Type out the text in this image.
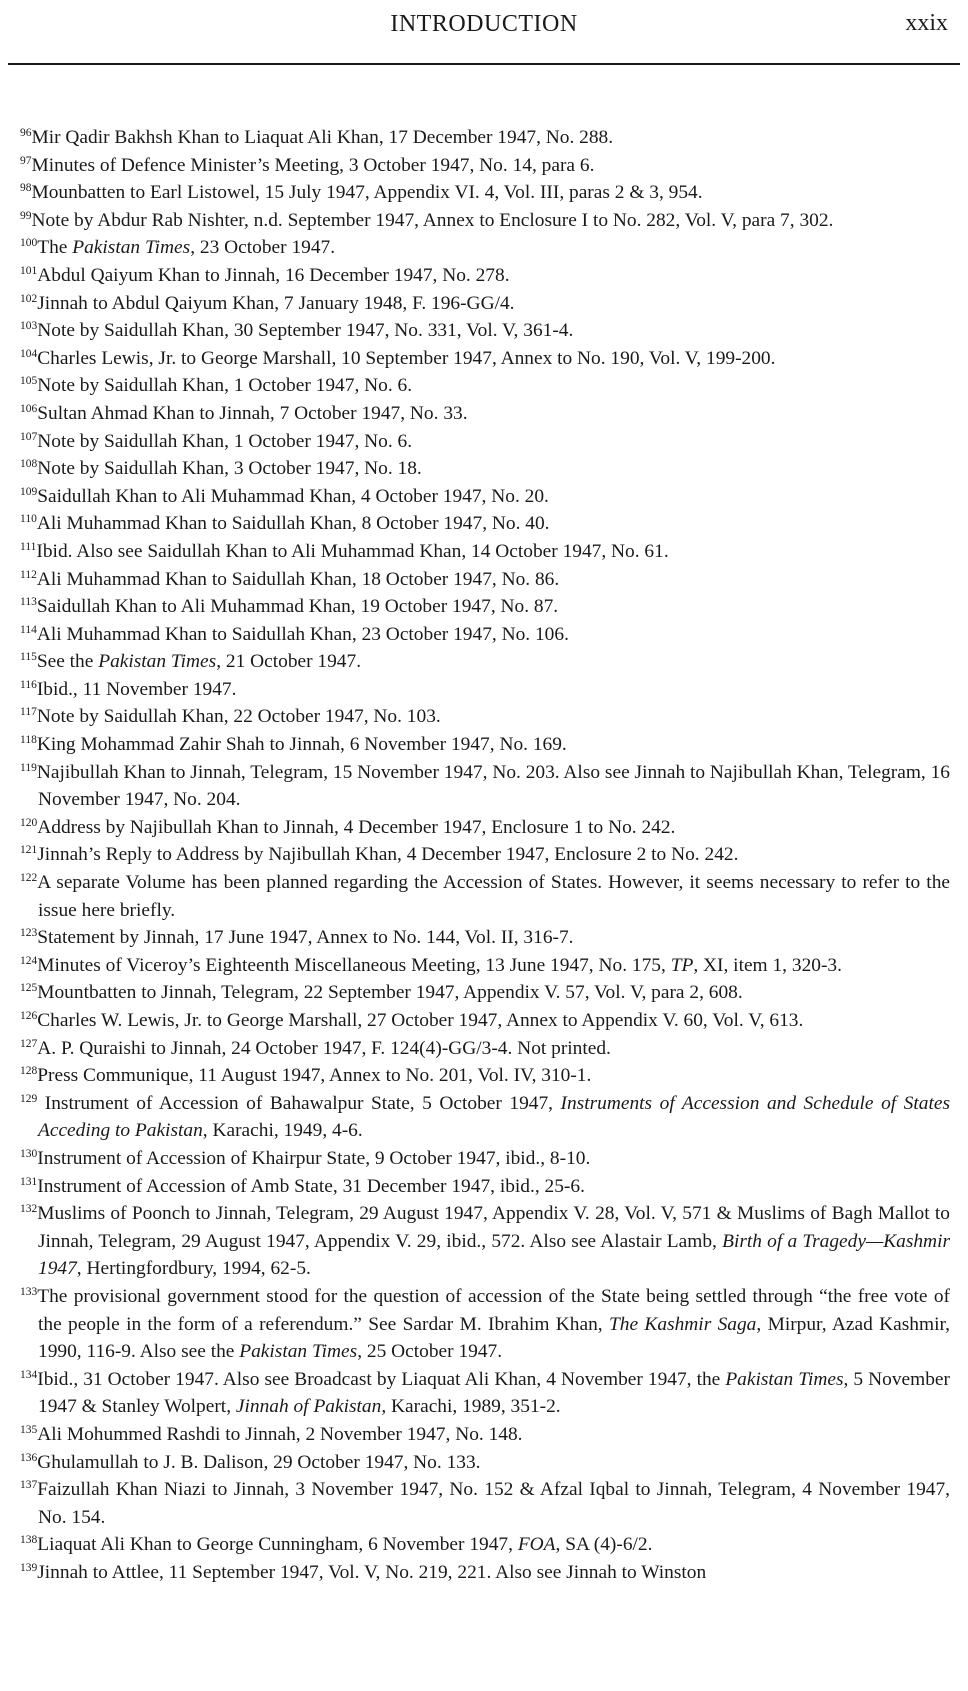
INTRODUCTION	xxix

$^{96}$Mir Qadir Bakhsh Khan to Liaquat Ali Khan, 17 December 1947, No. 288.

$^{97}$Minutes of Defence Minister’s Meeting, 3 October 1947, No. 14, para 6.

$^{98}$Mounbatten to Earl Listowel, 15 July 1947, Appendix VI. 4, Vol. III, paras 2 & 3, 954.

$^{99}$Note by Abdur Rab Nishter, n.d. September 1947, Annex to Enclosure I to No. 282, Vol. V, para 7, 302.

$^{100}$The Pakistan Times, 23 October 1947.

$^{101}$Abdul Qaiyum Khan to Jinnah, 16 December 1947, No. 278.

$^{102}$Jinnah to Abdul Qaiyum Khan, 7 January 1948, F. 196-GG/4.

$^{103}$Note by Saidullah Khan, 30 September 1947, No. 331, Vol. V, 361-4.

$^{104}$Charles Lewis, Jr. to George Marshall, 10 September 1947, Annex to No. 190, Vol. V, 199-200.

$^{105}$Note by Saidullah Khan, 1 October 1947, No. 6.

$^{106}$Sultan Ahmad Khan to Jinnah, 7 October 1947, No. 33.

$^{107}$Note by Saidullah Khan, 1 October 1947, No. 6.

$^{108}$Note by Saidullah Khan, 3 October 1947, No. 18.

$^{109}$Saidullah Khan to Ali Muhammad Khan, 4 October 1947, No. 20.

$^{110}$Ali Muhammad Khan to Saidullah Khan, 8 October 1947, No. 40.

$^{111}$Ibid. Also see Saidullah Khan to Ali Muhammad Khan, 14 October 1947, No. 61.

$^{112}$Ali Muhammad Khan to Saidullah Khan, 18 October 1947, No. 86.

$^{113}$Saidullah Khan to Ali Muhammad Khan, 19 October 1947, No. 87.

$^{114}$Ali Muhammad Khan to Saidullah Khan, 23 October 1947, No. 106.

$^{115}$See the Pakistan Times, 21 October 1947.

$^{116}$Ibid., 11 November 1947.

$^{117}$Note by Saidullah Khan, 22 October 1947, No. 103.

$^{118}$King Mohammad Zahir Shah to Jinnah, 6 November 1947, No. 169.

$^{119}$Najibullah Khan to Jinnah, Telegram, 15 November 1947, No. 203. Also see Jinnah to Najibullah Khan, Telegram, 16 November 1947, No. 204.

$^{120}$Address by Najibullah Khan to Jinnah, 4 December 1947, Enclosure 1 to No. 242.

$^{121}$Jinnah’s Reply to Address by Najibullah Khan, 4 December 1947, Enclosure 2 to No. 242.

$^{122}$A separate Volume has been planned regarding the Accession of States. However, it seems necessary to refer to the issue here briefly.

$^{123}$Statement by Jinnah, 17 June 1947, Annex to No. 144, Vol. II, 316-7.

$^{124}$Minutes of Viceroy’s Eighteenth Miscellaneous Meeting, 13 June 1947, No. 175, TP, XI, item 1, 320-3.

$^{125}$Mountbatten to Jinnah, Telegram, 22 September 1947, Appendix V. 57, Vol. V, para 2, 608.

$^{126}$Charles W. Lewis, Jr. to George Marshall, 27 October 1947, Annex to Appendix V. 60, Vol. V, 613.

$^{127}$A. P. Quraishi to Jinnah, 24 October 1947, F. 124(4)-GG/3-4. Not printed.

$^{128}$Press Communique, 11 August 1947, Annex to No. 201, Vol. IV, 310-1.

$^{129}$ Instrument of Accession of Bahawalpur State, 5 October 1947, Instruments of Accession and Schedule of States Acceding to Pakistan, Karachi, 1949, 4-6.

$^{130}$Instrument of Accession of Khairpur State, 9 October 1947, ibid., 8-10.

$^{131}$Instrument of Accession of Amb State, 31 December 1947, ibid., 25-6.

$^{132}$Muslims of Poonch to Jinnah, Telegram, 29 August 1947, Appendix V. 28, Vol. V, 571 & Muslims of Bagh Mallot to Jinnah, Telegram, 29 August 1947, Appendix V. 29, ibid., 572. Also see Alastair Lamb, Birth of a Tragedy—Kashmir 1947, Hertingfordbury, 1994, 62-5.

$^{133}$The provisional government stood for the question of accession of the State being settled through “the free vote of the people in the form of a referendum.” See Sardar M. Ibrahim Khan, The Kashmir Saga, Mirpur, Azad Kashmir, 1990, 116-9. Also see the Pakistan Times, 25 October 1947.

$^{134}$Ibid., 31 October 1947. Also see Broadcast by Liaquat Ali Khan, 4 November 1947, the Pakistan Times, 5 November 1947 & Stanley Wolpert, Jinnah of Pakistan, Karachi, 1989, 351-2.

$^{135}$Ali Mohummed Rashdi to Jinnah, 2 November 1947, No. 148.

$^{136}$Ghulamullah to J. B. Dalison, 29 October 1947, No. 133.

$^{137}$Faizullah Khan Niazi to Jinnah, 3 November 1947, No. 152 & Afzal Iqbal to Jinnah, Telegram, 4 November 1947, No. 154.

$^{138}$Liaquat Ali Khan to George Cunningham, 6 November 1947, FOA, SA (4)-6/2.

$^{139}$Jinnah to Attlee, 11 September 1947, Vol. V, No. 219, 221. Also see Jinnah to Winston
